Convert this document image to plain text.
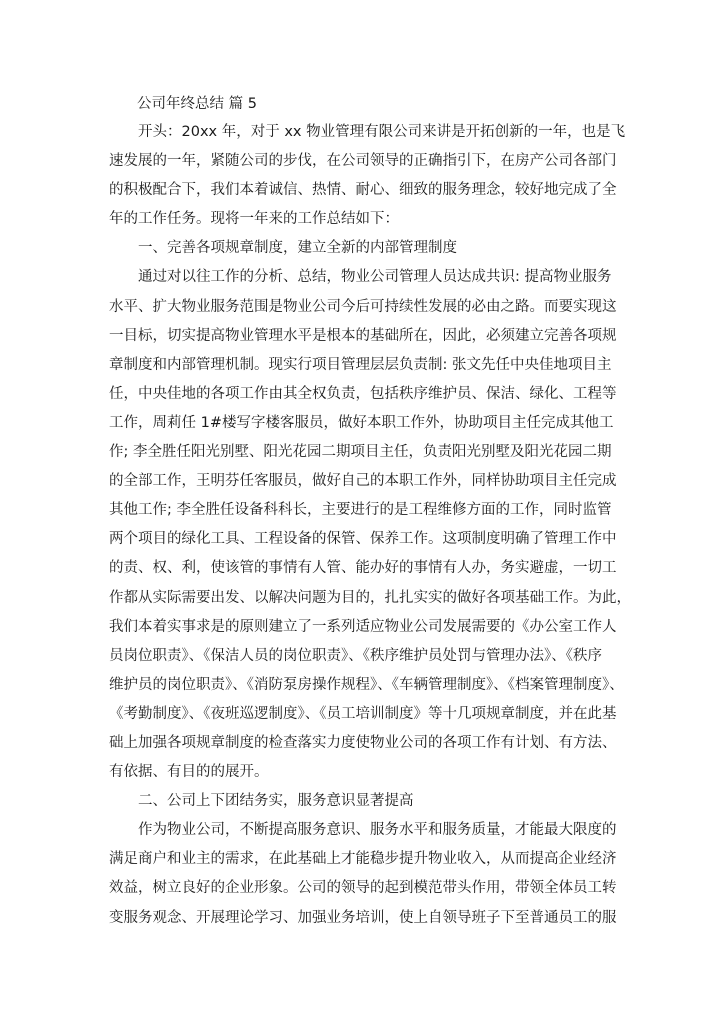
公司年终总结 篇 5
开头：20xx 年，对于 xx 物业管理有限公司来讲是开拓创新的一年，也是飞
速发展的一年，紧随公司的步伐，在公司领导的正确指引下，在房产公司各部门
的积极配合下，我们本着诚信、热情、耐心、细致的服务理念，较好地完成了全
年的工作任务。现将一年来的工作总结如下：
一、完善各项规章制度，建立全新的内部管理制度
通过对以往工作的分析、总结，物业公司管理人员达成共识: 提高物业服务
水平、扩大物业服务范围是物业公司今后可持续性发展的必由之路。而要实现这
一目标，切实提高物业管理水平是根本的基础所在，因此，必须建立完善各项规
章制度和内部管理机制。现实行项目管理层层负责制: 张文先任中央佳地项目主
任，中央佳地的各项工作由其全权负责，包括秩序维护员、保洁、绿化、工程等
工作，周莉任 1#楼写字楼客服员，做好本职工作外，协助项目主任完成其他工
作; 李全胜任阳光别墅、阳光花园二期项目主任，负责阳光别墅及阳光花园二期
的全部工作，王明芬任客服员，做好自己的本职工作外，同样协助项目主任完成
其他工作; 李全胜任设备科科长，主要进行的是工程维修方面的工作，同时监管
两个项目的绿化工具、工程设备的保管、保养工作。这项制度明确了管理工作中
的责、权、利，使该管的事情有人管、能办好的事情有人办，务实避虚，一切工
作都从实际需要出发、以解决问题为目的，扎扎实实的做好各项基础工作。为此，
我们本着实事求是的原则建立了一系列适应物业公司发展需要的《办公室工作人
员岗位职责》、《保洁人员的岗位职责》、《秩序维护员处罚与管理办法》、《秩序
维护员的岗位职责》、《消防泵房操作规程》、《车辆管理制度》、《档案管理制度》、
《考勤制度》、《夜班巡逻制度》、《员工培训制度》等十几项规章制度，并在此基
础上加强各项规章制度的检查落实力度使物业公司的各项工作有计划、有方法、
有依据、有目的的展开。
二、公司上下团结务实，服务意识显著提高
作为物业公司，不断提高服务意识、服务水平和服务质量，才能最大限度的
满足商户和业主的需求，在此基础上才能稳步提升物业收入，从而提高企业经济
效益，树立良好的企业形象。公司的领导的起到模范带头作用，带领全体员工转
变服务观念、开展理论学习、加强业务培训，使上自领导班子下至普通员工的服
